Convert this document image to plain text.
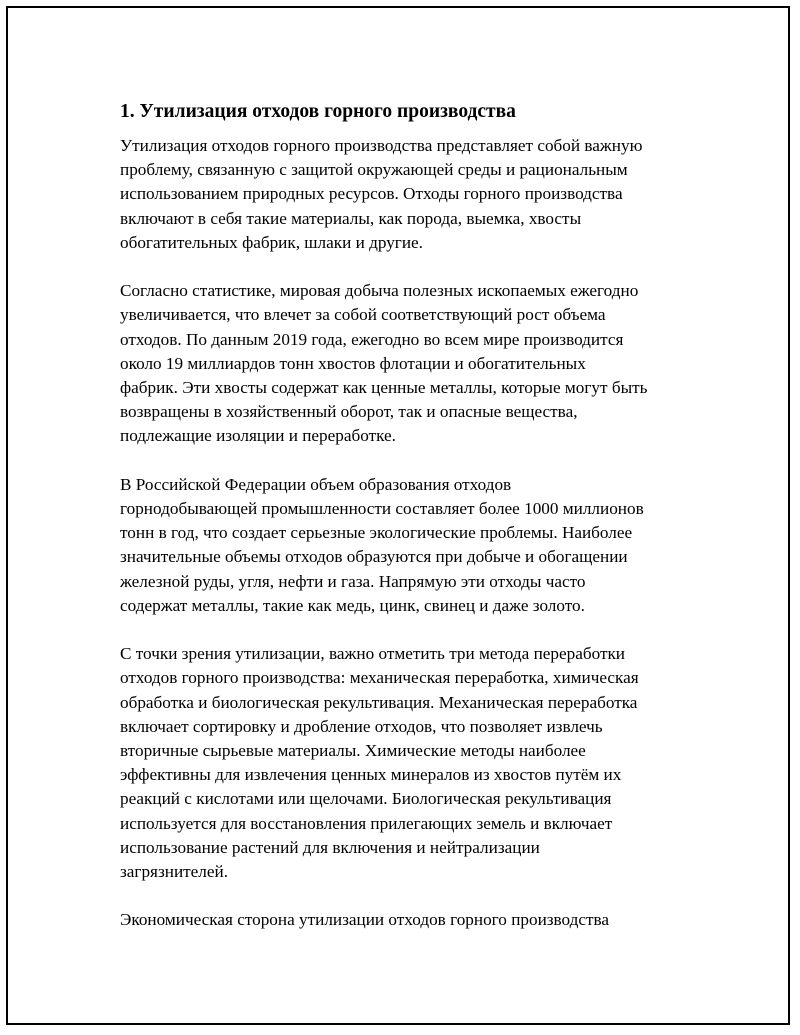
1. Утилизация отходов горного производства
Утилизация отходов горного производства представляет собой важную
проблему, связанную с защитой окружающей среды и рациональным
использованием природных ресурсов. Отходы горного производства
включают в себя такие материалы, как порода, выемка, хвосты
обогатительных фабрик, шлаки и другие.
Согласно статистике, мировая добыча полезных ископаемых ежегодно
увеличивается, что влечет за собой соответствующий рост объема
отходов. По данным 2019 года, ежегодно во всем мире производится
около 19 миллиардов тонн хвостов флотации и обогатительных
фабрик. Эти хвосты содержат как ценные металлы, которые могут быть
возвращены в хозяйственный оборот, так и опасные вещества,
подлежащие изоляции и переработке.
В Российской Федерации объем образования отходов
горнодобывающей промышленности составляет более 1000 миллионов
тонн в год, что создает серьезные экологические проблемы. Наиболее
значительные объемы отходов образуются при добыче и обогащении
железной руды, угля, нефти и газа. Напрямую эти отходы часто
содержат металлы, такие как медь, цинк, свинец и даже золото.
С точки зрения утилизации, важно отметить три метода переработки
отходов горного производства: механическая переработка, химическая
обработка и биологическая рекультивация. Механическая переработка
включает сортировку и дробление отходов, что позволяет извлечь
вторичные сырьевые материалы. Химические методы наиболее
эффективны для извлечения ценных минералов из хвостов путём их
реакций с кислотами или щелочами. Биологическая рекультивация
используется для восстановления прилегающих земель и включает
использование растений для включения и нейтрализации
загрязнителей.
Экономическая сторона утилизации отходов горного производства
